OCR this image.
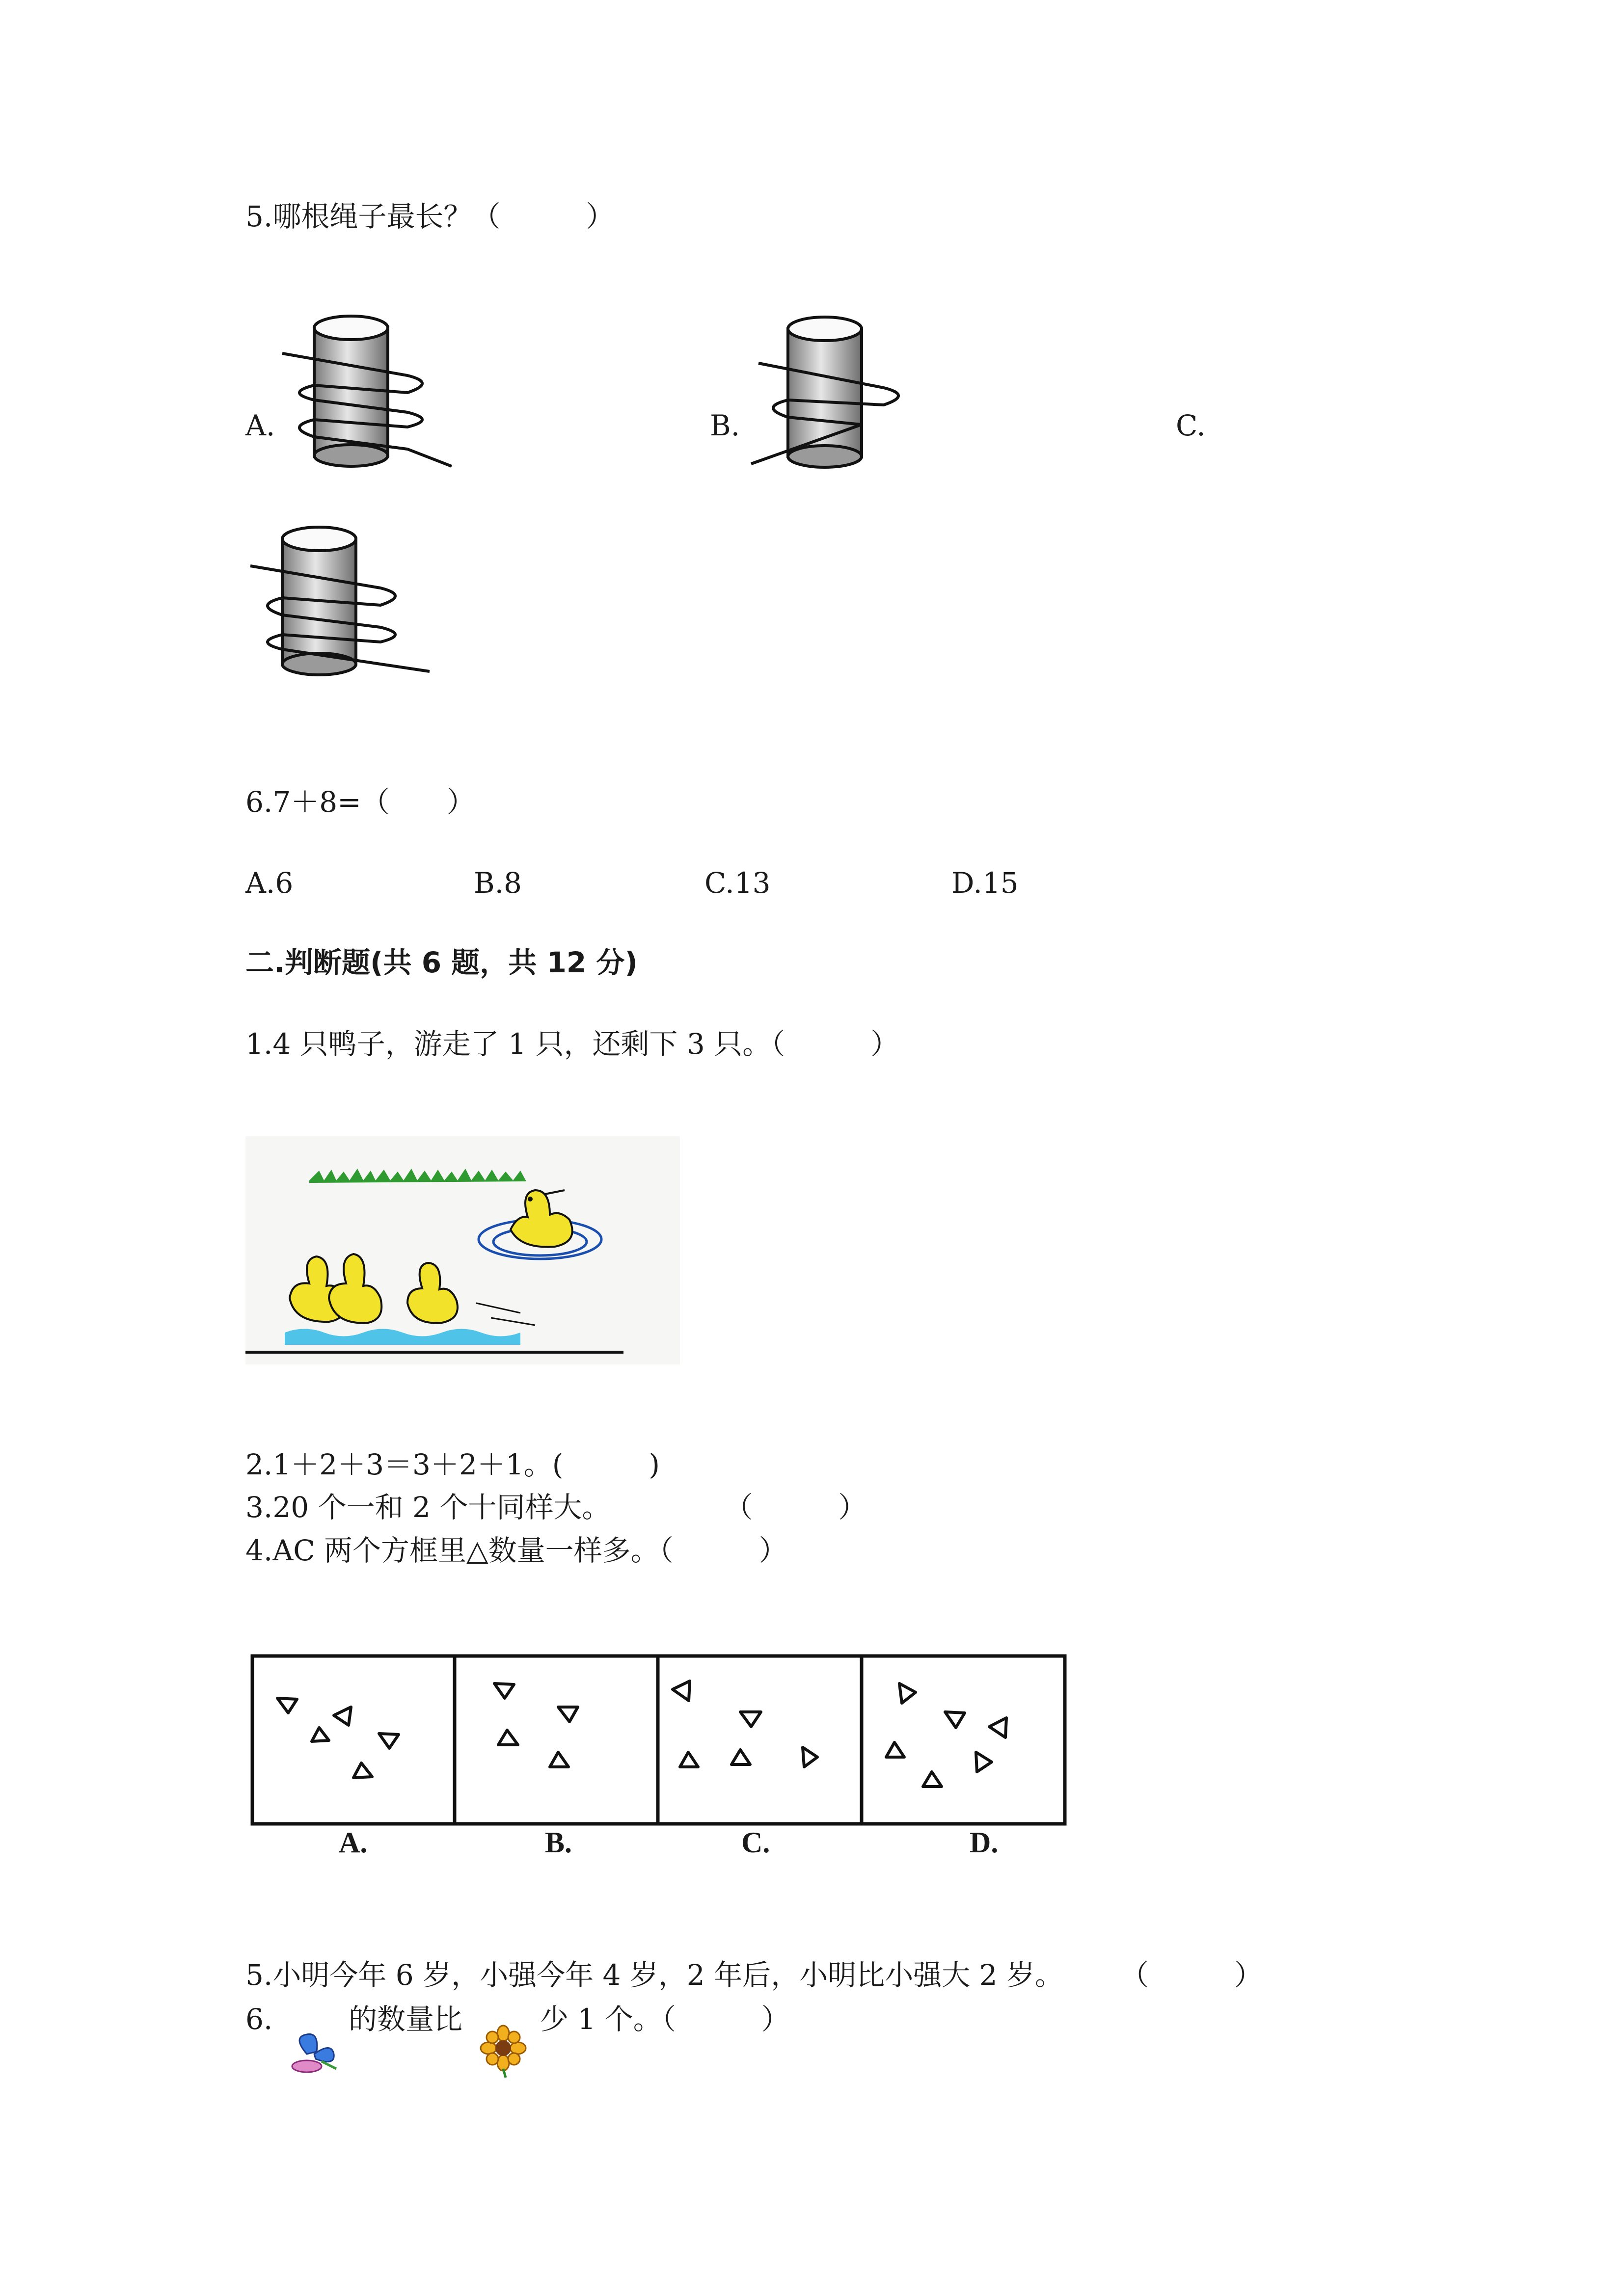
5.哪根绳子最长？（　　　）
A.	B.	C.
6.7＋8=（　　）
A.6	B.8	C.13	D.15
二.判断题(共 6 题，共 12 分)
1.4 只鸭子，游走了 1 只，还剩下 3 只。（　　　）
2.1＋2＋3＝3＋2＋1。(　　　)
3.20 个一和 2 个十同样大。　　　　　（　　　）
4.AC 两个方框里△数量一样多。（　　　）
A.	B.	C.	D.
5.小明今年 6 岁，小强今年 4 岁，2 年后，小明比小强大 2 岁。　　　（　　　）
6.	的数量比	少 1 个。（　　　）
